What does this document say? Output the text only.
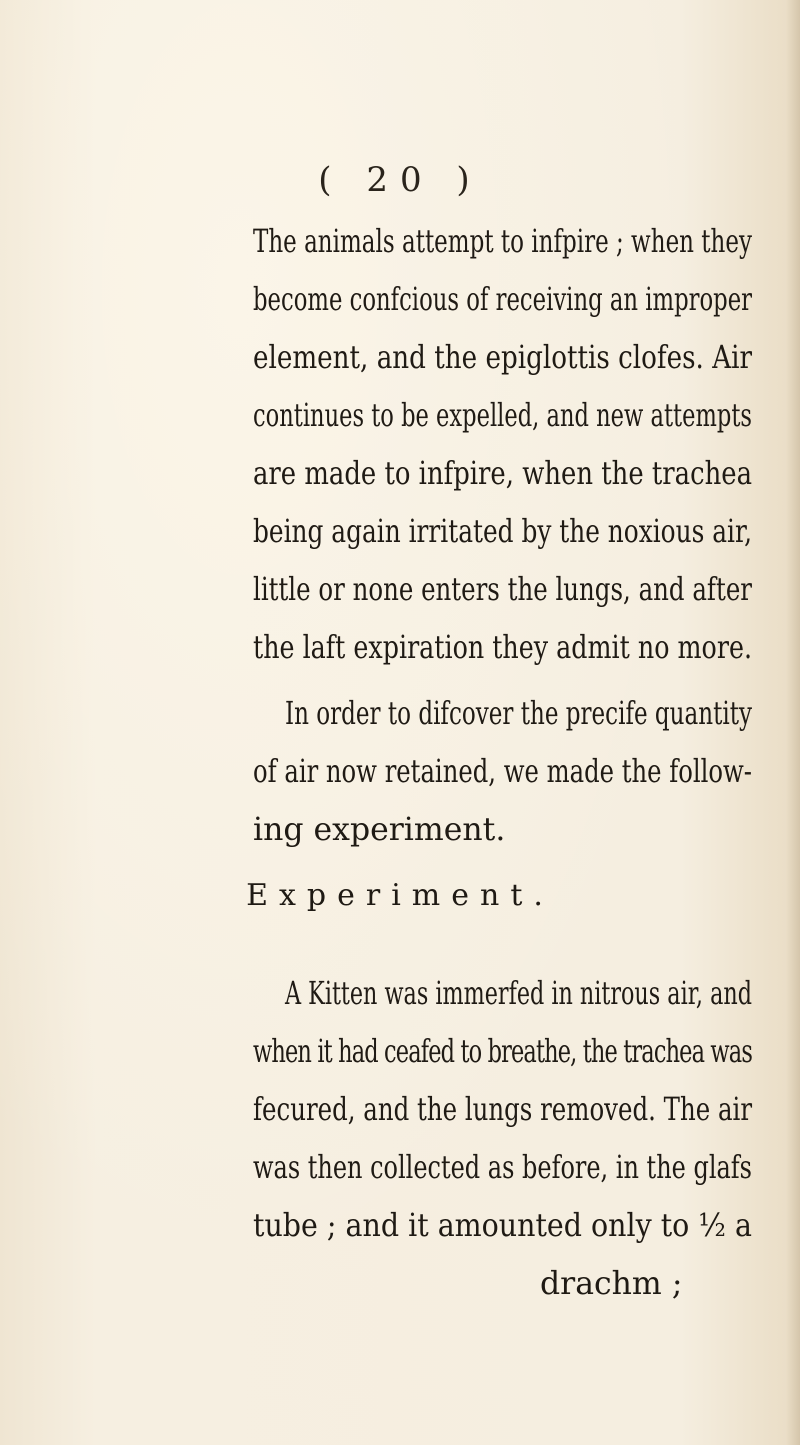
( 20 )
The animals attempt to infpire ; when they
become confcious of receiving an improper
element, and the epiglottis clofes. Air
continues to be expelled, and new attempts
are made to infpire, when the trachea
being again irritated by the noxious air,
little or none enters the lungs, and after
the laft expiration they admit no more.
In order to difcover the precife quantity
of air now retained, we made the follow-
ing experiment.
Experiment.
A Kitten was immerfed in nitrous air, and
when it had ceafed to breathe, the trachea was
fecured, and the lungs removed. The air
was then collected as before, in the glafs
tube ; and it amounted only to ½ a
drachm ;
